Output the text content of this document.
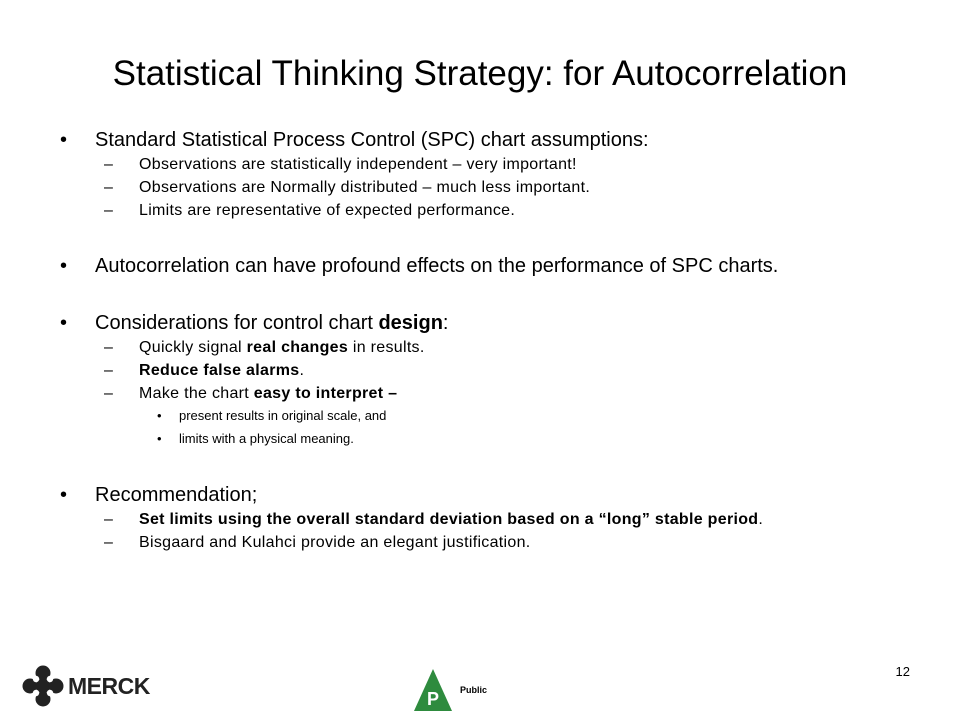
Statistical Thinking Strategy: for Autocorrelation

• Standard Statistical Process Control (SPC) chart assumptions:

– Observations are statistically independent – very important!

– Observations are Normally distributed – much less important.

– Limits are representative of expected performance.

• Autocorrelation can have profound effects on the performance of SPC charts.

• Considerations for control chart design:

– Quickly signal real changes in results.

– Reduce false alarms.

– Make the chart easy to interpret –

• present results in original scale, and

• limits with a physical meaning.

• Recommendation;

– Set limits using the overall standard deviation based on a “long” stable period.

– Bisgaard and Kulahci provide an elegant justification.

MERCK
P Public
12
